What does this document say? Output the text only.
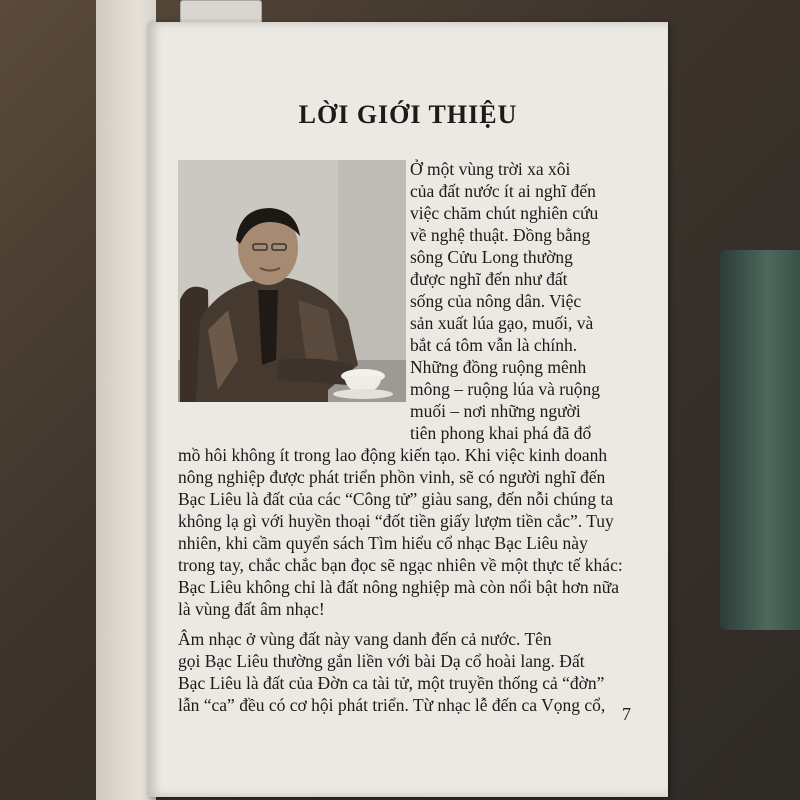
LỜI GIỚI THIỆU
Ở một vùng trời xa xôi
của đất nước ít ai nghĩ đến
việc chăm chút nghiên cứu
về nghệ thuật. Đồng bằng
sông Cửu Long thường
được nghĩ đến như đất
sống của nông dân. Việc
sản xuất lúa gạo, muối, và
bắt cá tôm vẫn là chính.
Những đồng ruộng mênh
mông – ruộng lúa và ruộng
muối – nơi những người
tiên phong khai phá đã đổ
mồ hôi không ít trong lao động kiến tạo. Khi việc kinh doanh
nông nghiệp được phát triển phồn vinh, sẽ có người nghĩ đến
Bạc Liêu là đất của các “Công tử” giàu sang, đến nỗi chúng ta
không lạ gì với huyền thoại “đốt tiền giấy lượm tiền cắc”. Tuy
nhiên, khi cầm quyển sách Tìm hiểu cổ nhạc Bạc Liêu này
trong tay, chắc chắc bạn đọc sẽ ngạc nhiên về một thực tế khác:
Bạc Liêu không chỉ là đất nông nghiệp mà còn nổi bật hơn nữa
là vùng đất âm nhạc!
Âm nhạc ở vùng đất này vang danh đến cả nước. Tên
gọi Bạc Liêu thường gắn liền với bài Dạ cổ hoài lang. Đất
Bạc Liêu là đất của Đờn ca tài tử, một truyền thống cả “đờn”
lẫn “ca” đều có cơ hội phát triển. Từ nhạc lễ đến ca Vọng cổ, 7
